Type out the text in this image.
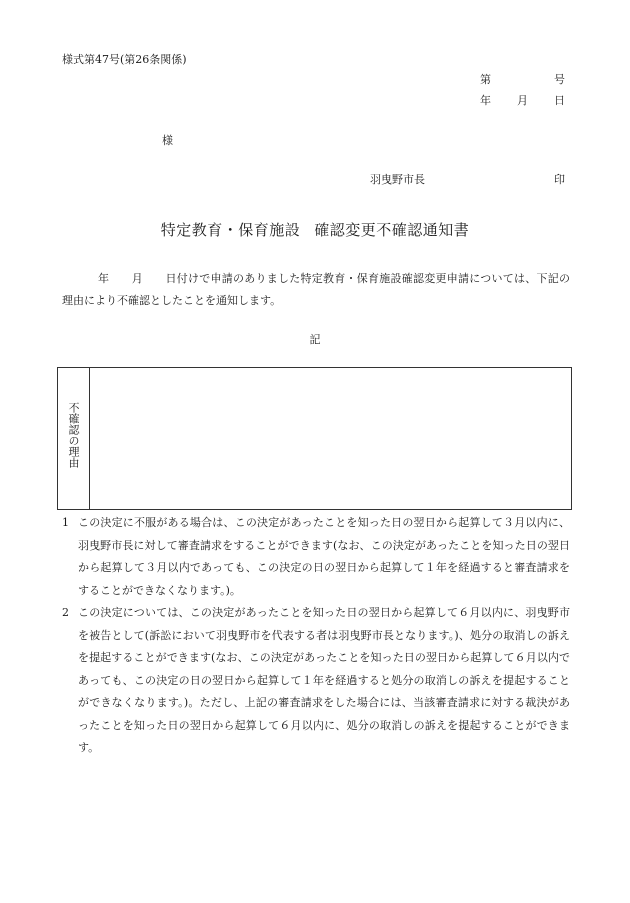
様式第47号(第26条関係)
第	号
年 月 日
様
羽曳野市長	印
特定教育・保育施設 確認変更不確認通知書
年　　月　　日付けで申請のありました特定教育・保育施設確認変更申請については、下記の理由により不確認としたことを通知します。
記
不確認の理由
1 この決定に不服がある場合は、この決定があったことを知った日の翌日から起算して３月以内に、羽曳野市長に対して審査請求をすることができます(なお、この決定があったことを知った日の翌日から起算して３月以内であっても、この決定の日の翌日から起算して１年を経過すると審査請求をすることができなくなります。)。
2 この決定については、この決定があったことを知った日の翌日から起算して６月以内に、羽曳野市を被告として(訴訟において羽曳野市を代表する者は羽曳野市長となります。)、処分の取消しの訴えを提起することができます(なお、この決定があったことを知った日の翌日から起算して６月以内であっても、この決定の日の翌日から起算して１年を経過すると処分の取消しの訴えを提起することができなくなります。)。ただし、上記の審査請求をした場合には、当該審査請求に対する裁決があったことを知った日の翌日から起算して６月以内に、処分の取消しの訴えを提起することができます。
